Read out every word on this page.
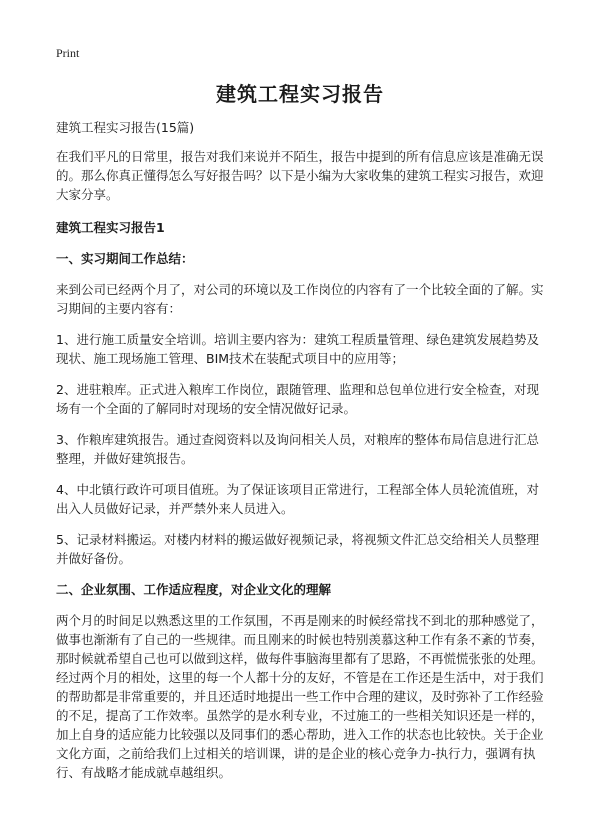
Print
建筑工程实习报告
建筑工程实习报告(15篇)

在我们平凡的日常里，报告对我们来说并不陌生，报告中提到的所有信息应该是准确无误的。那么你真正懂得怎么写好报告吗？以下是小编为大家收集的建筑工程实习报告，欢迎大家分享。

建筑工程实习报告1
一、实习期间工作总结：

来到公司已经两个月了，对公司的环境以及工作岗位的内容有了一个比较全面的了解。实习期间的主要内容有：

1、进行施工质量安全培训。培训主要内容为：建筑工程质量管理、绿色建筑发展趋势及现状、施工现场施工管理、BIM技术在装配式项目中的应用等；

2、进驻粮库。正式进入粮库工作岗位，跟随管理、监理和总包单位进行安全检查，对现场有一个全面的了解同时对现场的安全情况做好记录。

3、作粮库建筑报告。通过查阅资料以及询问相关人员，对粮库的整体布局信息进行汇总整理，并做好建筑报告。

4、中北镇行政许可项目值班。为了保证该项目正常进行，工程部全体人员轮流值班，对出入人员做好记录，并严禁外来人员进入。

5、记录材料搬运。对楼内材料的搬运做好视频记录，将视频文件汇总交给相关人员整理并做好备份。

二、企业氛围、工作适应程度，对企业文化的理解

两个月的时间足以熟悉这里的工作氛围，不再是刚来的时候经常找不到北的那种感觉了，做事也渐渐有了自己的一些规律。而且刚来的时候也特别羡慕这种工作有条不紊的节奏，那时候就希望自己也可以做到这样，做每件事脑海里都有了思路，不再慌慌张张的处理。经过两个月的相处，这里的每一个人都十分的友好，不管是在工作还是生活中，对于我们的帮助都是非常重要的，并且还适时地提出一些工作中合理的建议，及时弥补了工作经验的不足，提高了工作效率。虽然学的是水利专业，不过施工的一些相关知识还是一样的，加上自身的适应能力比较强以及同事们的悉心帮助，进入工作的状态也比较快。关于企业文化方面，之前给我们上过相关的培训课，讲的是企业的核心竞争力-执行力，强调有执行、有战略才能成就卓越组织。
